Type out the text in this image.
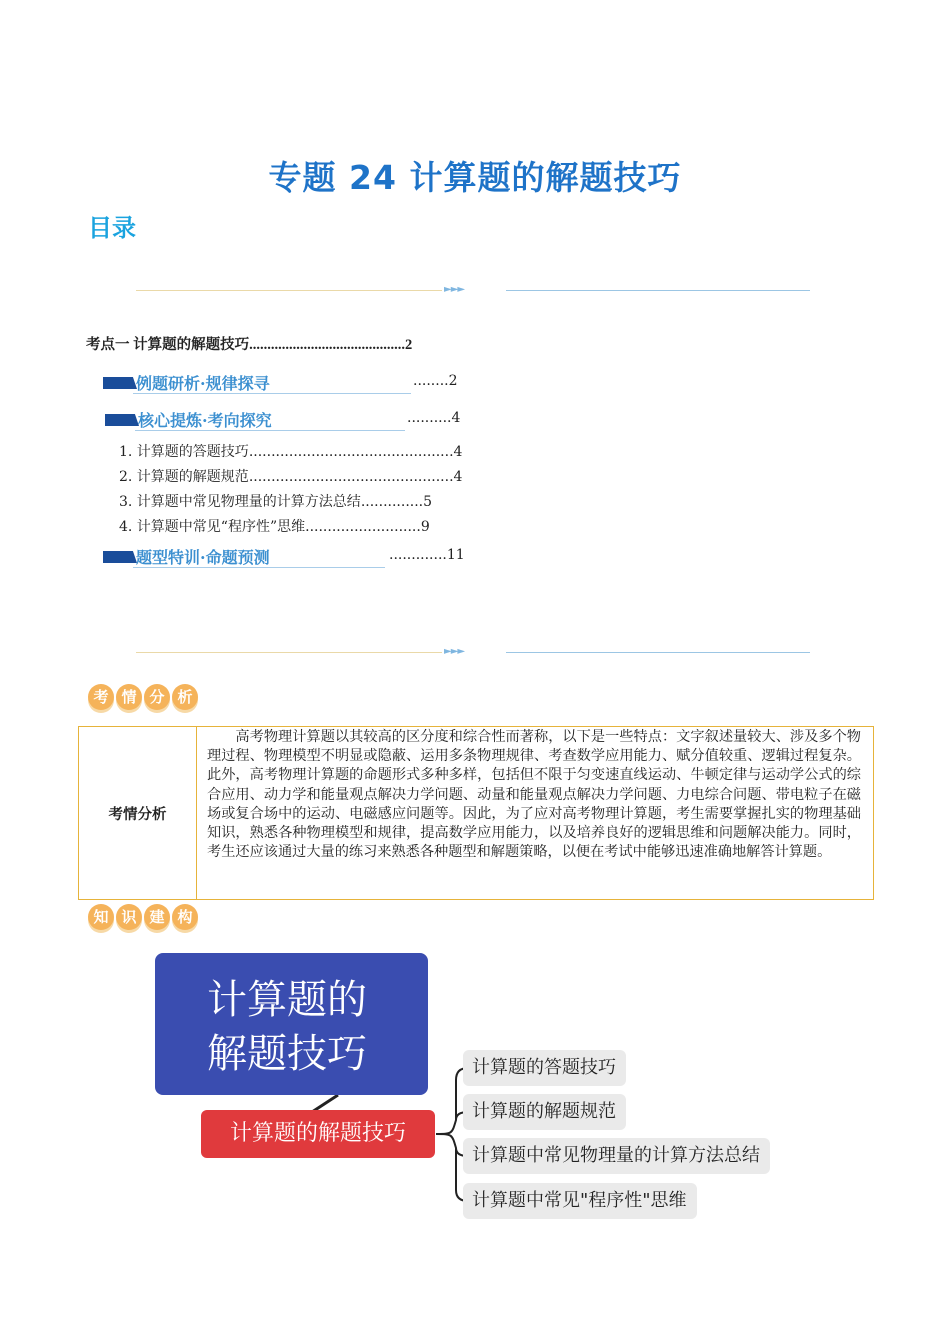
专题 24 计算题的解题技巧
目录
►►►
考点一 计算题的解题技巧...........................................2
例题研析·规律探寻	........2
核心提炼·考向探究	..........4
1. 计算题的答题技巧..............................................4
2. 计算题的解题规范..............................................4
3. 计算题中常见物理量的计算方法总结..............5
4. 计算题中常见“程序性”思维..........................9
题型特训·命题预测	.............11
►►►
考 情 分 析
考情分析
高考物理计算题以其较高的区分度和综合性而著称，以下是一些特点：文字叙述量较大、涉及多个物理过程、物理模型不明显或隐蔽、运用多条物理规律、考查数学应用能力、赋分值较重、逻辑过程复杂。此外，高考物理计算题的命题形式多种多样，包括但不限于匀变速直线运动、牛顿定律与运动学公式的综合应用、动力学和能量观点解决力学问题、动量和能量观点解决力学问题、力电综合问题、带电粒子在磁场或复合场中的运动、电磁感应问题等。因此，为了应对高考物理计算题，考生需要掌握扎实的物理基础知识，熟悉各种物理模型和规律，提高数学应用能力，以及培养良好的逻辑思维和问题解决能力。同时，考生还应该通过大量的练习来熟悉各种题型和解题策略，以便在考试中能够迅速准确地解答计算题。
知 识 建 构
计算题的
解题技巧
计算题的解题技巧
计算题的答题技巧
计算题的解题规范
计算题中常见物理量的计算方法总结
计算题中常见"程序性"思维
